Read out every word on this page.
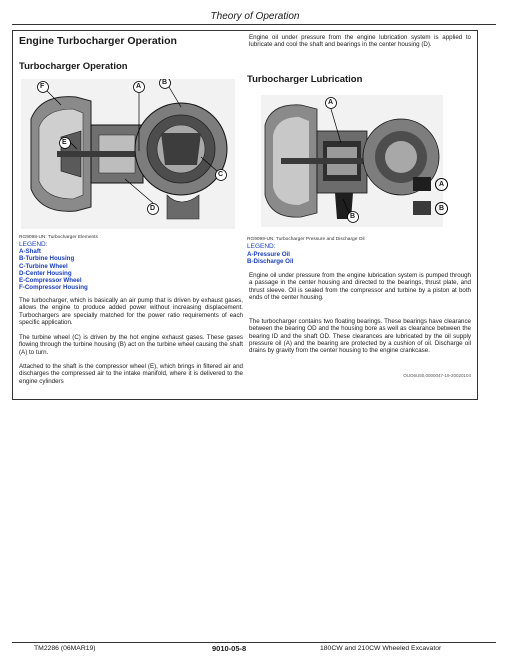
Theory of Operation
Engine Turbocharger Operation
Turbocharger Operation
A
B
C
D
E
F
RG9098-UN: Turbocharger Elements
LEGEND:
A-Shaft
B-Turbine Housing
C-Turbine Wheel
D-Center Housing
E-Compressor Wheel
F-Compressor Housing

The turbocharger, which is basically an air pump that is driven by exhaust gases, allows the engine to produce added power without increasing displacement. Turbochargers are specially matched for the power ratio requirements of each specific application.

The turbine wheel (C) is driven by the hot engine exhaust gases. These gases flowing through the turbine housing (B) act on the turbine wheel causing the shaft (A) to turn.

Attached to the shaft is the compressor wheel (E), which brings in filtered air and discharges the compressed air to the intake manifold, where it is delivered to the engine cylinders

Engine oil under pressure from the engine lubrication system is applied to lubricate and cool the shaft and bearings in the center housing (D).

Turbocharger Lubrication
A
B
A
B
RG9099-UN: Turbocharger Pressure and Discharge Oil
LEGEND:
A-Pressure Oil
B-Discharge Oil

Engine oil under pressure from the engine lubrication system is pumped through a passage in the center housing and directed to the bearings, thrust plate, and thrust sleeve. Oil is sealed from the compressor and turbine by a piston at both ends of the center housing.

The turbocharger contains two floating bearings. These bearings have clearance between the bearing OD and the housing bore as well as clearance between the bearing ID and the shaft OD. These clearances are lubricated by the oil supply pressure oil (A) and the bearing are protected by a cushion of oil. Discharge oil drains by gravity from the center housing to the engine crankcase.

OUO6U50,0000047-19-20020104
TM2286 (06MAR19)	9010-05-8	180CW and 210CW Wheeled Excavator
